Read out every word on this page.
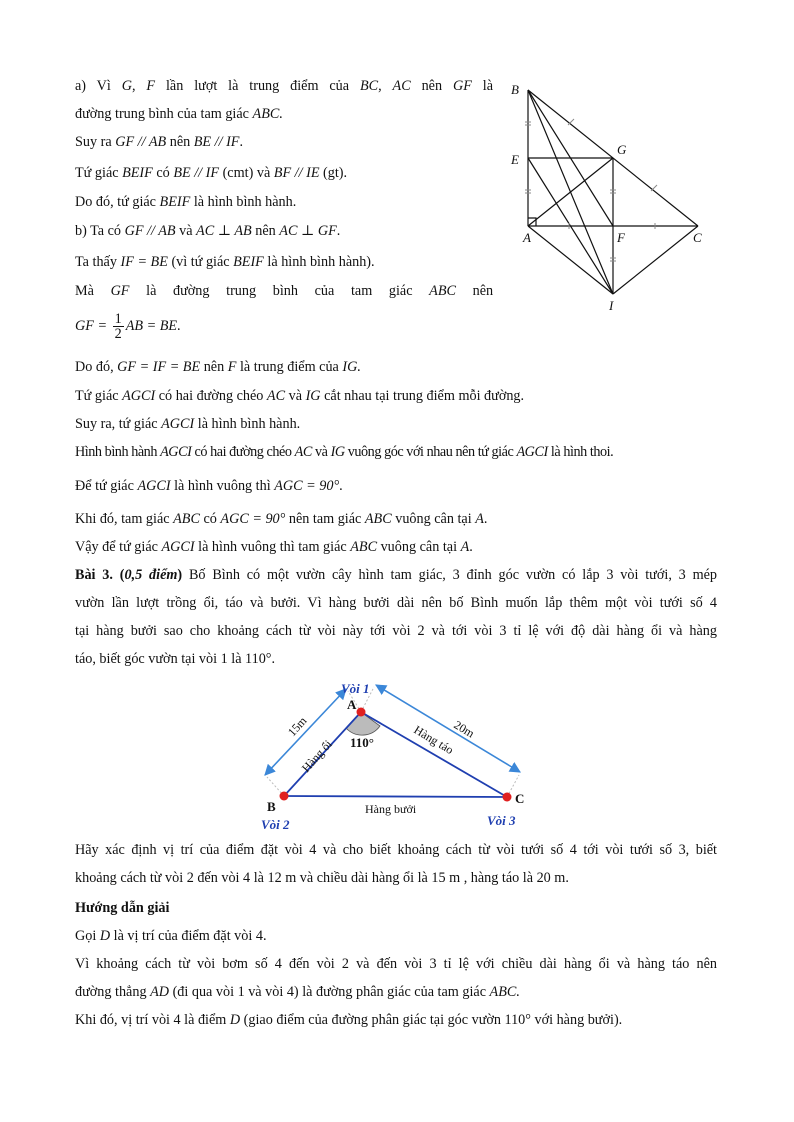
a) Vì G, F lần lượt là trung điểm của BC, AC nên GF là
đường trung bình của tam giác ABC.
Suy ra GF // AB nên BE // IF.
Tứ giác BEIF có BE // IF (cmt) và BF // IE (gt).
Do đó, tứ giác BEIF là hình bình hành.
b) Ta có GF // AB và AC ⊥ AB nên AC ⊥ GF.
Ta thấy IF = BE (vì tứ giác BEIF là hình bình hành).
Mà GF là đường trung bình của tam giác ABC nên
GF = $\frac{1}{2}$ AB = BE.
Do đó, GF = IF = BE nên F là trung điểm của IG.
Tứ giác AGCI có hai đường chéo AC và IG cắt nhau tại trung điểm mỗi đường.
Suy ra, tứ giác AGCI là hình bình hành.
Hình bình hành AGCI có hai đường chéo AC và IG vuông góc với nhau nên tứ giác AGCI là hình thoi.
Để tứ giác AGCI là hình vuông thì AGC = 90°.
Khi đó, tam giác ABC có AGC = 90° nên tam giác ABC vuông cân tại A.
Vậy để tứ giác AGCI là hình vuông thì tam giác ABC vuông cân tại A.
Bài 3. (0,5 điểm) Bố Bình có một vườn cây hình tam giác, 3 đỉnh góc vườn có lắp 3 vòi tưới, 3 mép
vườn lần lượt trồng ổi, táo và bưởi. Vì hàng bưởi dài nên bố Bình muốn lắp thêm một vòi tưới số 4
tại hàng bưởi sao cho khoảng cách từ vòi này tới vòi 2 và tới vòi 3 tỉ lệ với độ dài hàng ổi và hàng
táo, biết góc vườn tại vòi 1 là 110°.
Hãy xác định vị trí của điểm đặt vòi 4 và cho biết khoảng cách từ vòi tưới số 4 tới vòi tưới số 3, biết
khoảng cách từ vòi 2 đến vòi 4 là 12 m và chiều dài hàng ổi là 15 m , hàng táo là 20 m.
Hướng dẫn giải
Gọi D là vị trí của điểm đặt vòi 4.
Vì khoảng cách từ vòi bơm số 4 đến vòi 2 và đến vòi 3 tỉ lệ với chiều dài hàng ổi và hàng táo nên
đường thẳng AD (đi qua vòi 1 và vòi 4) là đường phân giác của tam giác ABC.
Khi đó, vị trí vòi 4 là điểm D (giao điểm của đường phân giác tại góc vườn 110° với hàng bưởi).
B
E
G
A	F	C
I
Vòi 1
Vòi 2	Vòi 3
A
B
C
110°
15m	20m
Hàng ổi	Hàng táo
Hàng bưởi
